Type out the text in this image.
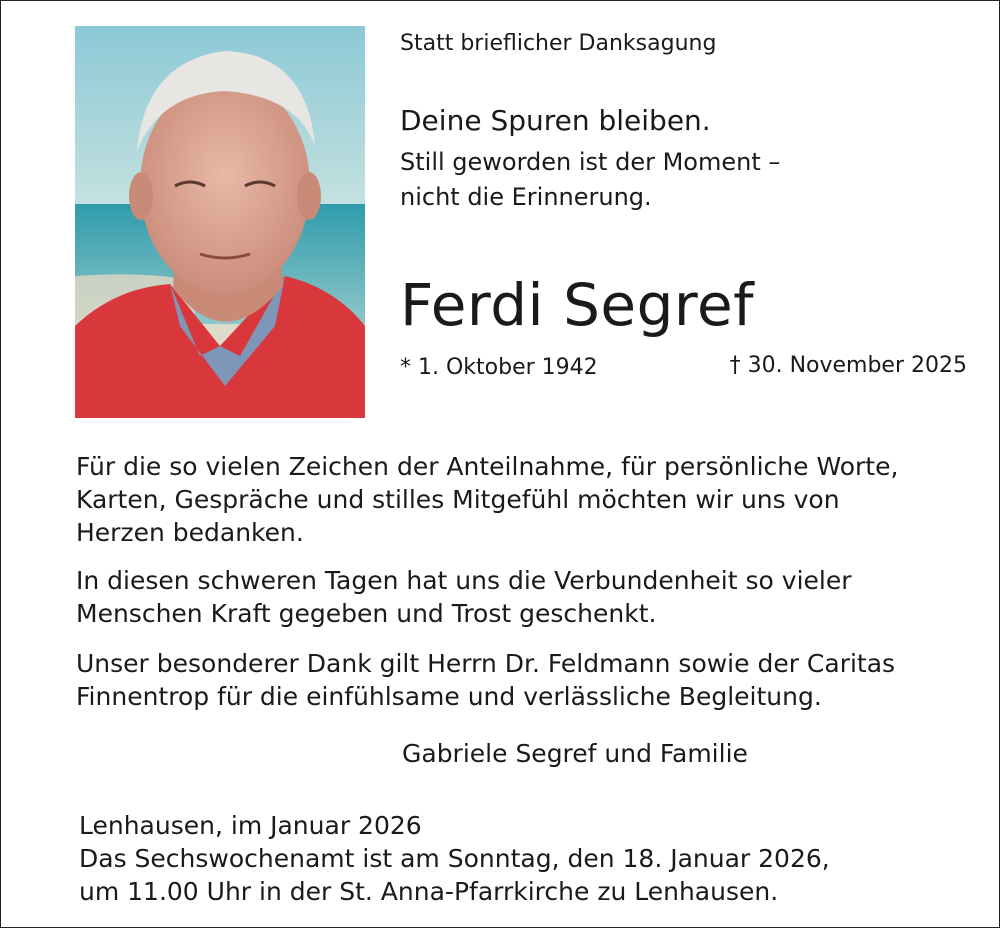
Statt brieflicher Danksagung
Deine Spuren bleiben.
Still geworden ist der Moment –
nicht die Erinnerung.
Ferdi Segref
* 1. Oktober 1942	† 30. November 2025
Für die so vielen Zeichen der Anteilnahme, für persönliche Worte,
Karten, Gespräche und stilles Mitgefühl möchten wir uns von
Herzen bedanken.
In diesen schweren Tagen hat uns die Verbundenheit so vieler
Menschen Kraft gegeben und Trost geschenkt.
Unser besonderer Dank gilt Herrn Dr. Feldmann sowie der Caritas
Finnentrop für die einfühlsame und verlässliche Begleitung.
Gabriele Segref und Familie
Lenhausen, im Januar 2026
Das Sechswochenamt ist am Sonntag, den 18. Januar 2026,
um 11.00 Uhr in der St. Anna-Pfarrkirche zu Lenhausen.
